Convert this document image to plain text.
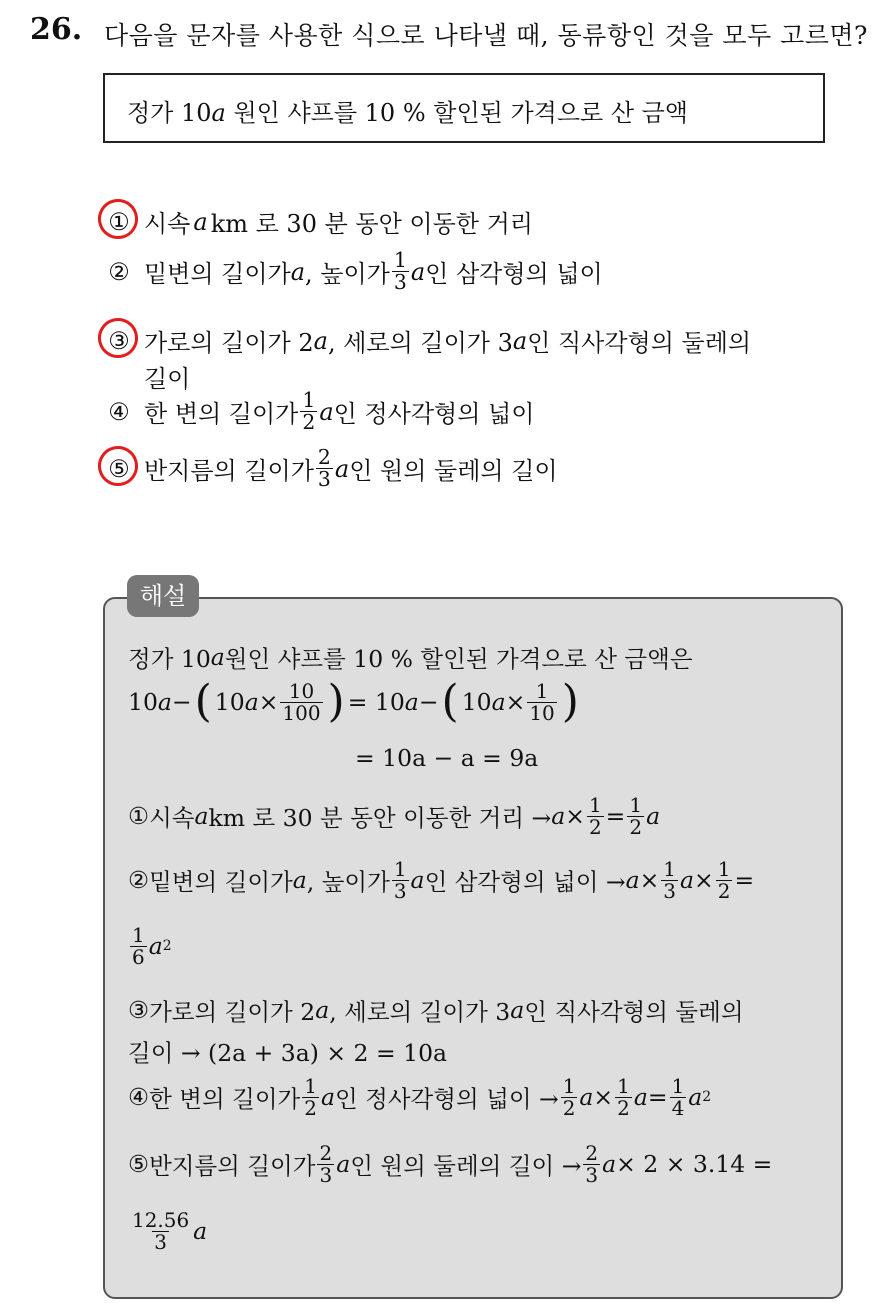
26. 다음을 문자를 사용한 식으로 나타낼 때, 동류항인 것을 모두 고르면?
정가 10a 원인 샤프를 10 % 할인된 가격으로 산 금액
① 시속 a km 로 30 분 동안 이동한 거리
② 밑변의 길이가 a , 높이가 $\frac{1}{3}$ a 인 삼각형의 넓이
③ 가로의 길이가 2 a , 세로의 길이가 3 a 인 직사각형의 둘레의
길이
④ 한 변의 길이가 $\frac{1}{2}$ a 인 정사각형의 넓이
⑤ 반지름의 길이가 $\frac{2}{3}$ a 인 원의 둘레의 길이
해설
정가 10 a 원인 샤프를 10 % 할인된 가격으로 산 금액은
10 a − ( 10 $a \times \frac{10}{100}$ ) = 10 a − ( 10 $a \times \frac{1}{10}$ )
= 10a − a = 9a
① 시속 a km 로 30 분 동안 이동한 거리 → $a \times \frac{1}{2} = \frac{1}{2}$ a
② 밑변의 길이가 a , 높이가 $\frac{1}{3}$ a 인 삼각형의 넓이 → $a \times \frac{1}{3}$ $a \times \frac{1}{2}$ =
$\frac{1}{6}$ a 2
③ 가로의 길이가 2 a , 세로의 길이가 3 a 인 직사각형의 둘레의
길이 → (2a + 3a) × 2 = 10a
④ 한 변의 길이가 $\frac{1}{2}$ a 인 정사각형의 넓이 → $\frac{1}{2}$ $a \times \frac{1}{2}$ $a = \frac{1}{4}$ a 2
⑤ 반지름의 길이가 $\frac{2}{3}$ a 인 원의 둘레의 길이 → $\frac{2}{3}$ a × 2 × 3.14 =
$\frac{12.56}{3}$ a
